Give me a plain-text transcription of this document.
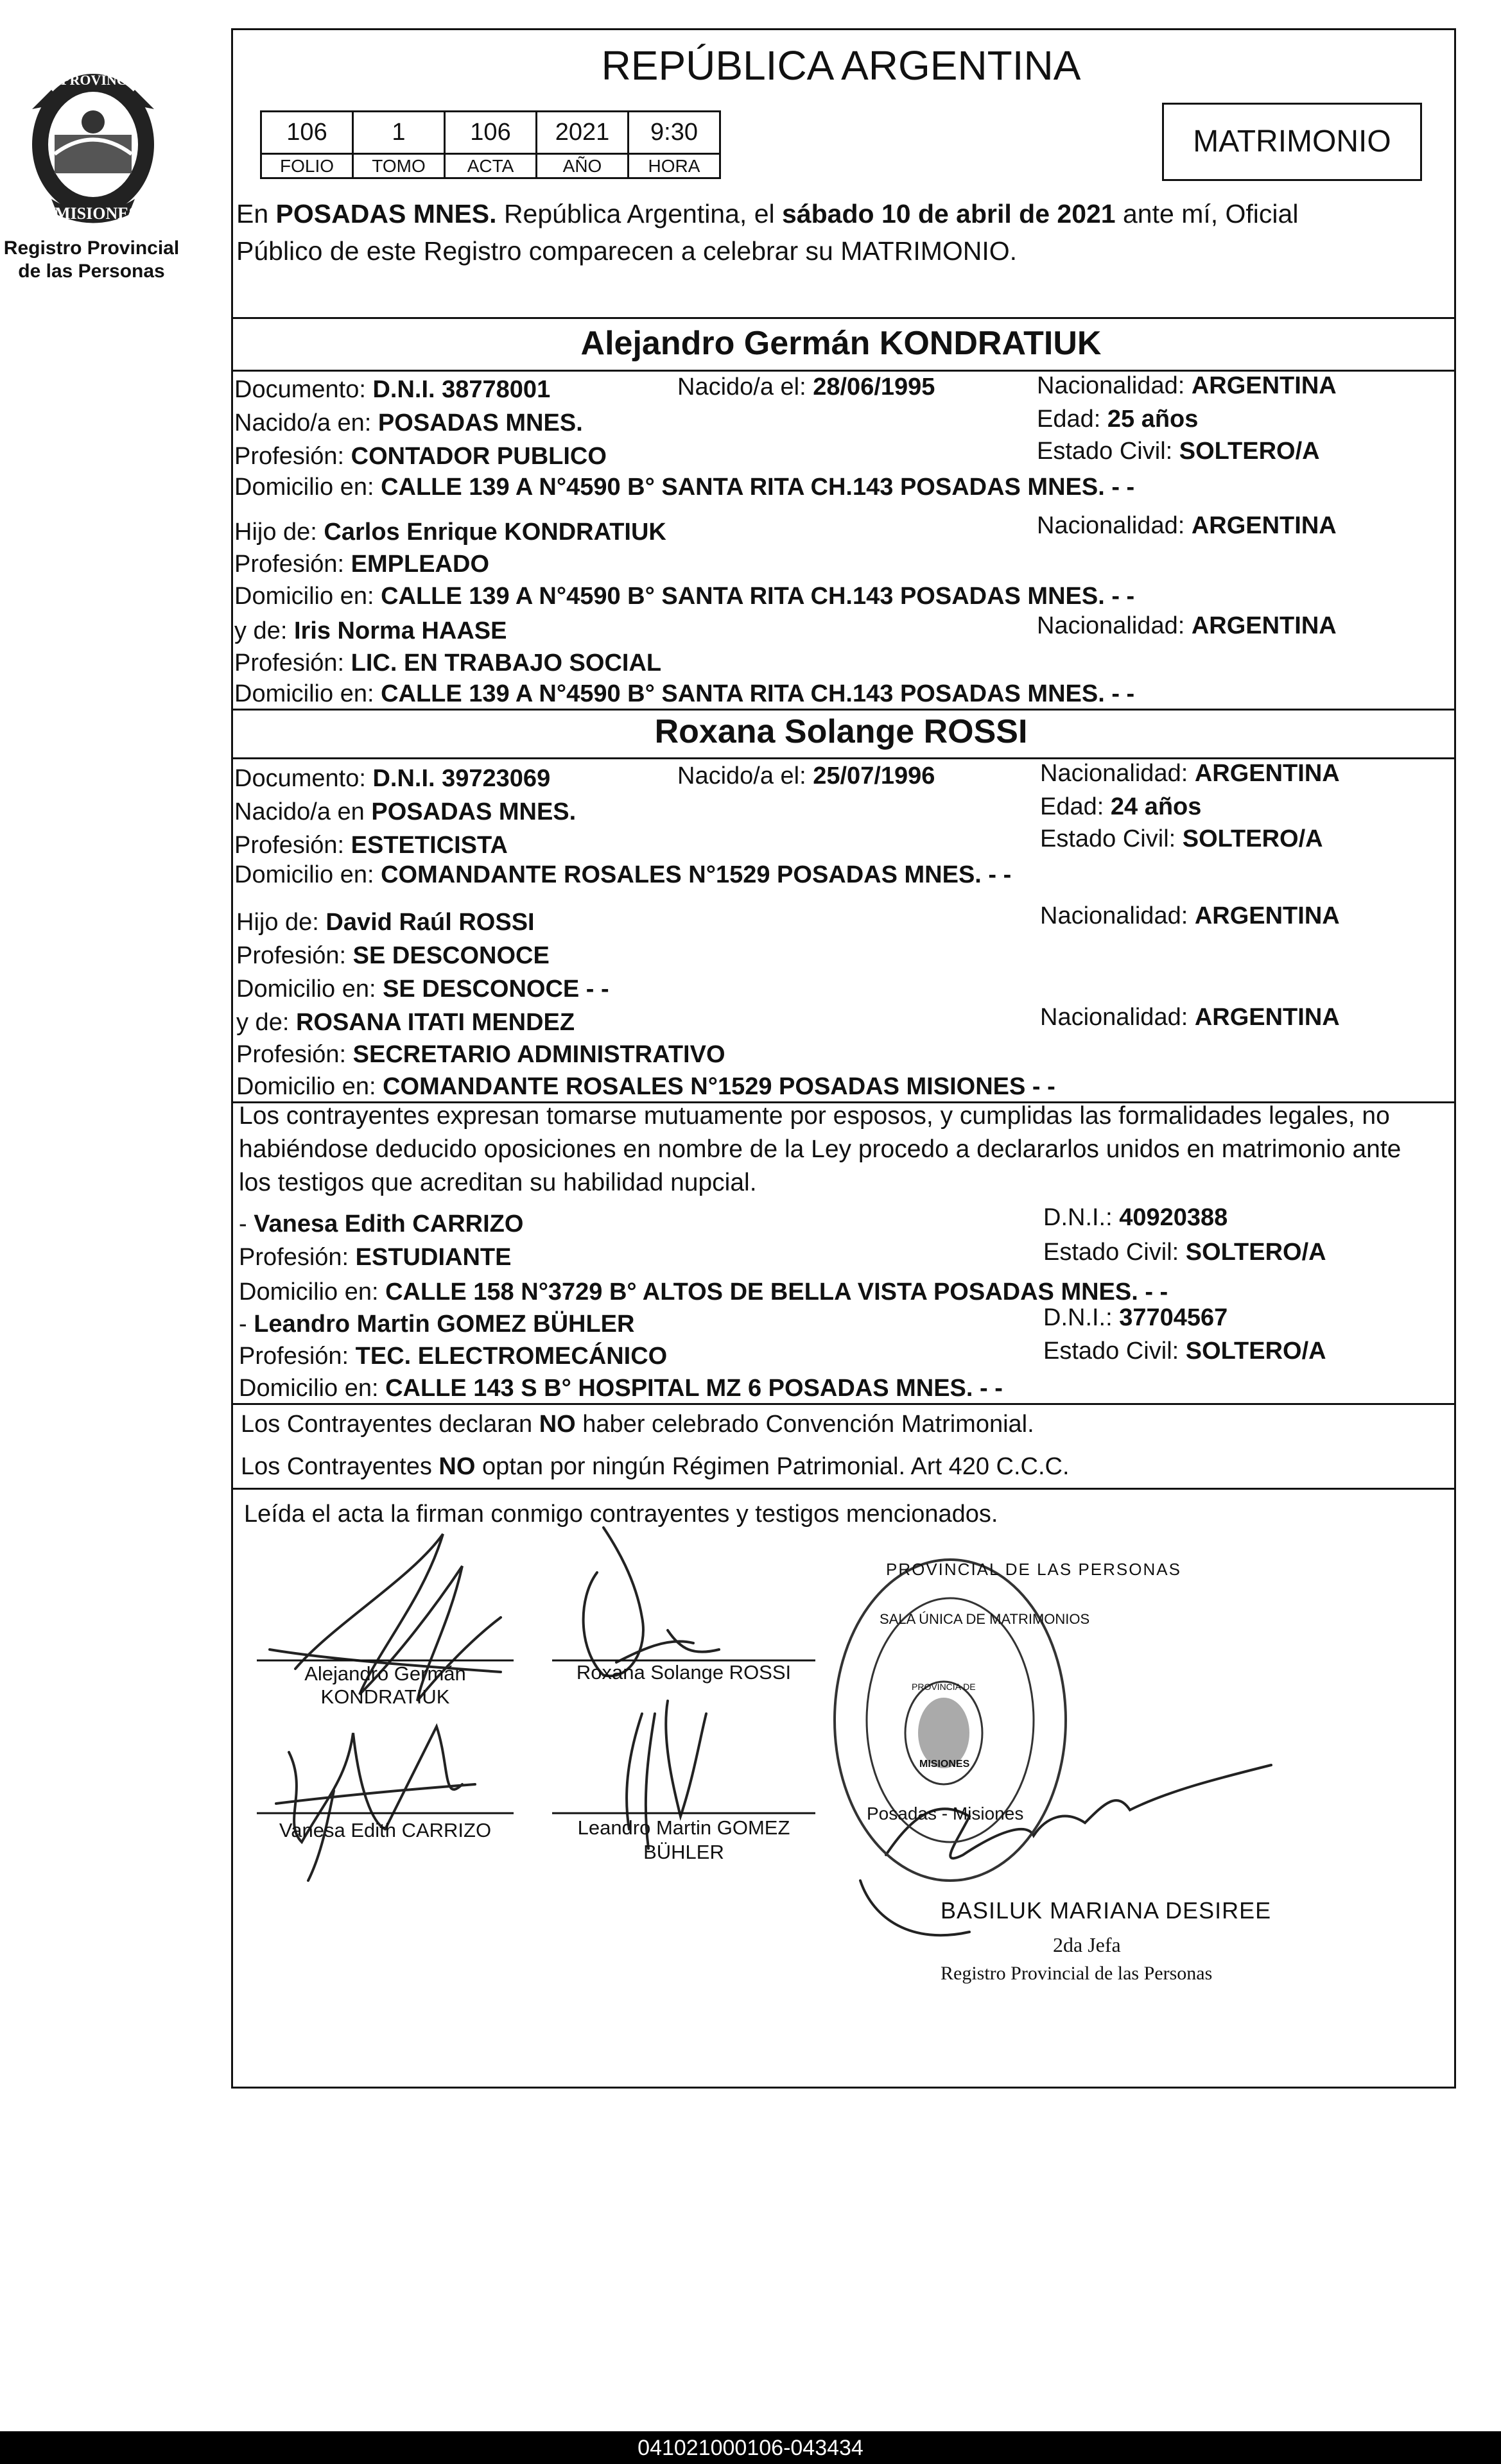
PROVINCIA DE
MISIONES
Registro Provincial
de las Personas
REPÚBLICA ARGENTINA
106	1	106	2021	9:30
FOLIO	TOMO	ACTA	AÑO	HORA
MATRIMONIO
En POSADAS MNES. República Argentina, el sábado 10 de abril de 2021 ante mí, Oficial
Público de este Registro comparecen a celebrar su MATRIMONIO.
Alejandro Germán KONDRATIUK
Documento: D.N.I. 38778001	Nacido/a el: 28/06/1995	Nacionalidad: ARGENTINA
Nacido/a en: POSADAS MNES.	Edad: 25 años
Profesión: CONTADOR PUBLICO	Estado Civil: SOLTERO/A
Domicilio en: CALLE 139 A N°4590 B° SANTA RITA CH.143 POSADAS MNES. - -
Hijo de: Carlos Enrique KONDRATIUK	Nacionalidad: ARGENTINA
Profesión: EMPLEADO
Domicilio en: CALLE 139 A N°4590 B° SANTA RITA CH.143 POSADAS MNES. - -
y de: Iris Norma HAASE	Nacionalidad: ARGENTINA
Profesión: LIC. EN TRABAJO SOCIAL
Domicilio en: CALLE 139 A N°4590 B° SANTA RITA CH.143 POSADAS MNES. - -
Roxana Solange ROSSI
Documento: D.N.I. 39723069	Nacido/a el: 25/07/1996	Nacionalidad: ARGENTINA
Nacido/a en POSADAS MNES.	Edad: 24 años
Profesión: ESTETICISTA	Estado Civil: SOLTERO/A
Domicilio en: COMANDANTE ROSALES N°1529 POSADAS MNES. - -
Hijo de: David Raúl ROSSI	Nacionalidad: ARGENTINA
Profesión: SE DESCONOCE
Domicilio en: SE DESCONOCE - -
y de: ROSANA ITATI MENDEZ	Nacionalidad: ARGENTINA
Profesión: SECRETARIO ADMINISTRATIVO
Domicilio en: COMANDANTE ROSALES N°1529 POSADAS MISIONES - -
Los contrayentes expresan tomarse mutuamente por esposos, y cumplidas las formalidades legales, no
habiéndose deducido oposiciones en nombre de la Ley procedo a declararlos unidos en matrimonio ante
los testigos que acreditan su habilidad nupcial.
- Vanesa Edith CARRIZO	D.N.I.: 40920388
Profesión: ESTUDIANTE	Estado Civil: SOLTERO/A
Domicilio en: CALLE 158 N°3729 B° ALTOS DE BELLA VISTA POSADAS MNES. - -
- Leandro Martin GOMEZ BÜHLER	D.N.I.: 37704567
Profesión: TEC. ELECTROMECÁNICO	Estado Civil: SOLTERO/A
Domicilio en: CALLE 143 S B° HOSPITAL MZ 6 POSADAS MNES. - -
Los Contrayentes declaran NO haber celebrado Convención Matrimonial.
Los Contrayentes NO optan por ningún Régimen Patrimonial. Art 420 C.C.C.
Leída el acta la firman conmigo contrayentes y testigos mencionados.
Alejandro Germán
KONDRATIUK
Roxana Solange ROSSI
Vanesa Edith CARRIZO	Leandro Martin GOMEZ
BÜHLER
PROVINCIAL DE LAS PERSONAS
SALA ÚNICA DE MATRIMONIOS
PROVINCIA DE
MISIONES
Posadas - Misiones
BASILUK MARIANA DESIREE
2da Jefa
Registro Provincial de las Personas
041021000106-043434
